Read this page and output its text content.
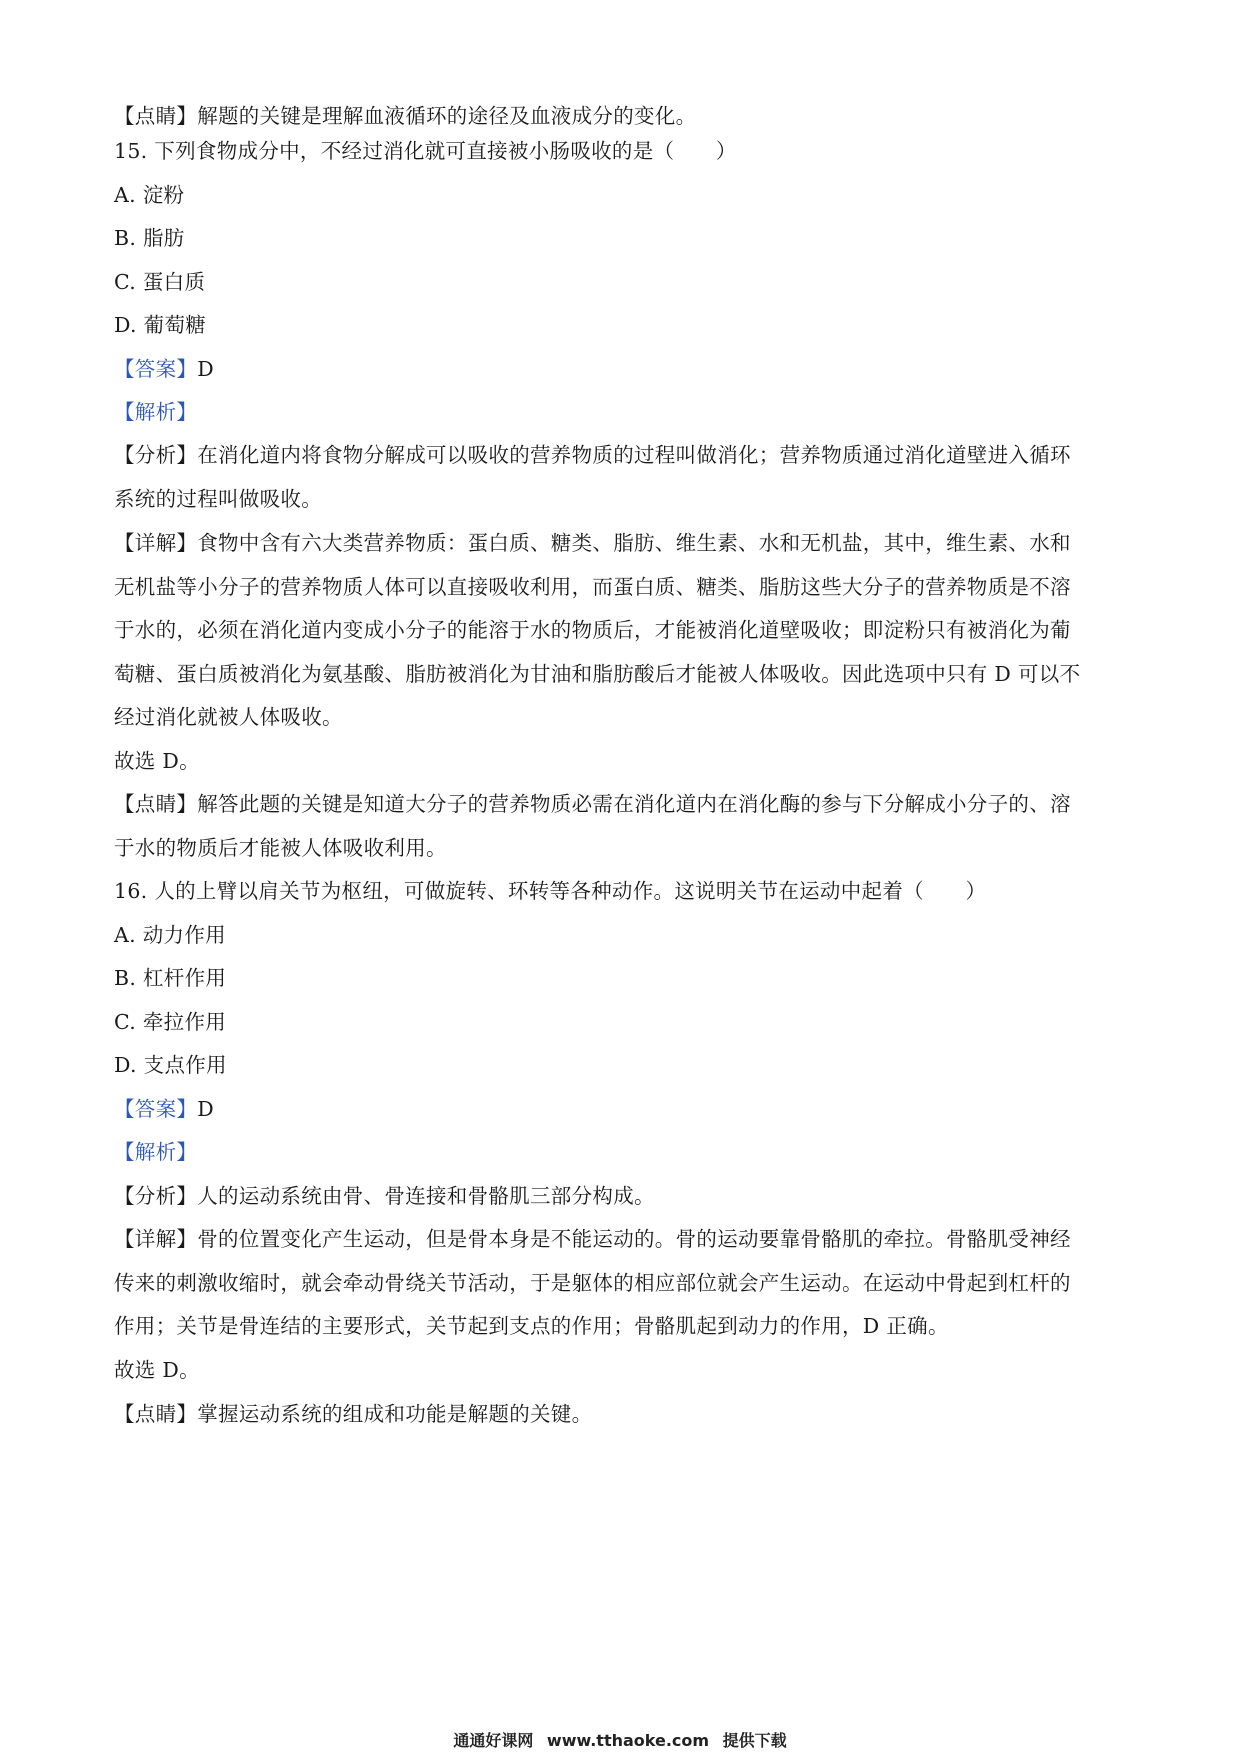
【点睛】解题的关键是理解血液循环的途径及血液成分的变化。
15. 下列食物成分中，不经过消化就可直接被小肠吸收的是（　　）
A. 淀粉
B. 脂肪
C. 蛋白质
D. 葡萄糖
【答案】D
【解析】
【分析】在消化道内将食物分解成可以吸收的营养物质的过程叫做消化；营养物质通过消化道壁进入循环
系统的过程叫做吸收。
【详解】食物中含有六大类营养物质：蛋白质、糖类、脂肪、维生素、水和无机盐，其中，维生素、水和
无机盐等小分子的营养物质人体可以直接吸收利用，而蛋白质、糖类、脂肪这些大分子的营养物质是不溶
于水的，必须在消化道内变成小分子的能溶于水的物质后，才能被消化道壁吸收；即淀粉只有被消化为葡
萄糖、蛋白质被消化为氨基酸、脂肪被消化为甘油和脂肪酸后才能被人体吸收。因此选项中只有 D 可以不
经过消化就被人体吸收。
故选 D。
【点睛】解答此题的关键是知道大分子的营养物质必需在消化道内在消化酶的参与下分解成小分子的、溶
于水的物质后才能被人体吸收利用。
16. 人的上臂以肩关节为枢纽，可做旋转、环转等各种动作。这说明关节在运动中起着（　　）
A. 动力作用
B. 杠杆作用
C. 牵拉作用
D. 支点作用
【答案】D
【解析】
【分析】人的运动系统由骨、骨连接和骨骼肌三部分构成。
【详解】骨的位置变化产生运动，但是骨本身是不能运动的。骨的运动要靠骨骼肌的牵拉。骨骼肌受神经
传来的刺激收缩时，就会牵动骨绕关节活动，于是躯体的相应部位就会产生运动。在运动中骨起到杠杆的
作用；关节是骨连结的主要形式，关节起到支点的作用；骨骼肌起到动力的作用，D 正确。
故选 D。
【点睛】掌握运动系统的组成和功能是解题的关键。
通通好课网 www.tthaoke.com 提供下载
